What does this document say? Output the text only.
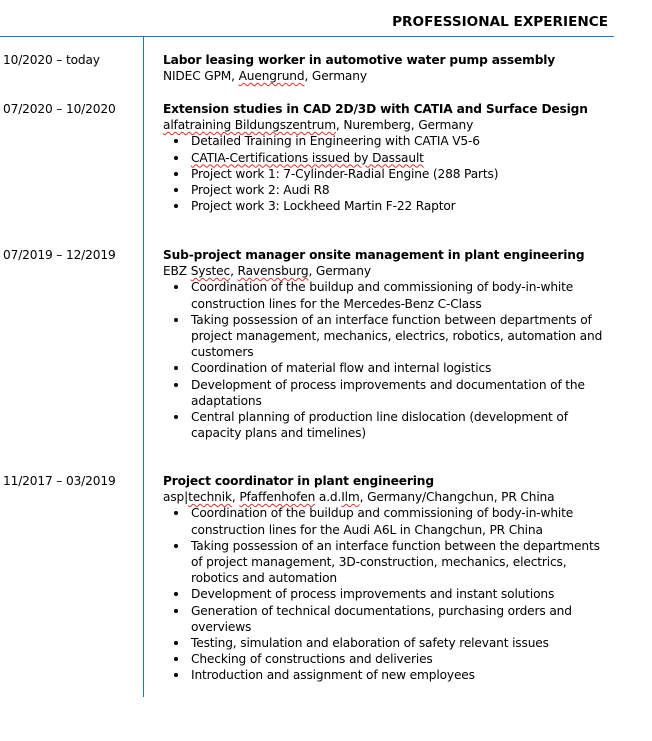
PROFESSIONAL EXPERIENCE
10/2020 – today	Labor leasing worker in automotive water pump assembly
NIDEC GPM, Auengrund, Germany
07/2020 – 10/2020	Extension studies in CAD 2D/3D with CATIA and Surface Design
alfatraining Bildungszentrum, Nuremberg, Germany
Detailed Training in Engineering with CATIA V5-6
CATIA-Certifications issued by Dassault
Project work 1: 7-Cylinder-Radial Engine (288 Parts)
Project work 2: Audi R8
Project work 3: Lockheed Martin F-22 Raptor
07/2019 – 12/2019	Sub-project manager onsite management in plant engineering
EBZ Systec, Ravensburg, Germany
Coordination of the buildup and commissioning of body-in-white construction lines for the Mercedes-Benz C-Class
Taking possession of an interface function between departments of project management, mechanics, electrics, robotics, automation and customers
Coordination of material flow and internal logistics
Development of process improvements and documentation of the adaptations
Central planning of production line dislocation (development of capacity plans and timelines)
11/2017 – 03/2019	Project coordinator in plant engineering
asp|technik, Pfaffenhofen a.d.Ilm, Germany/Changchun, PR China
Coordination of the buildup and commissioning of body-in-white construction lines for the Audi A6L in Changchun, PR China
Taking possession of an interface function between the departments of project management, 3D-construction, mechanics, electrics, robotics and automation
Development of process improvements and instant solutions
Generation of technical documentations, purchasing orders and overviews
Testing, simulation and elaboration of safety relevant issues
Checking of constructions and deliveries
Introduction and assignment of new employees
